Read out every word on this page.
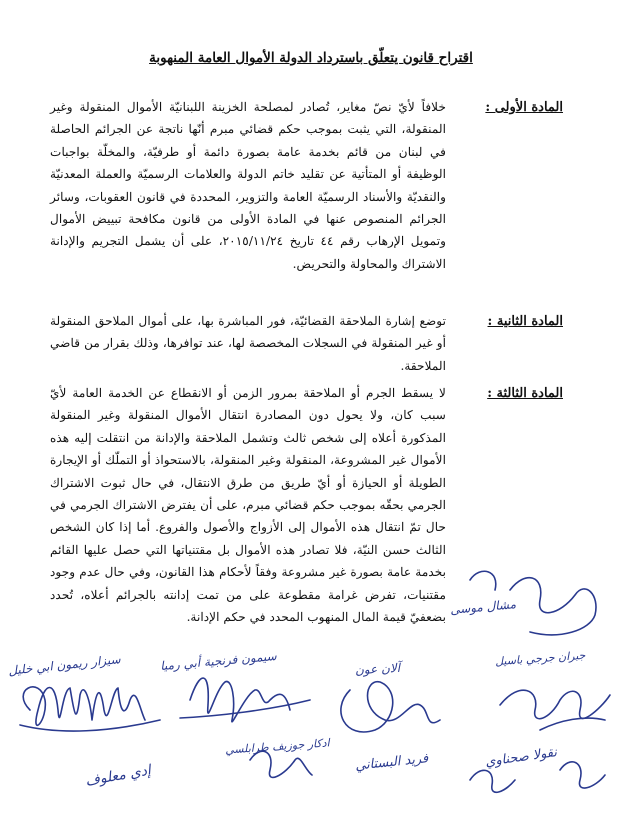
اقتراح قانون يتعلّق باسترداد الدولة الأموال العامة المنهوبة
المادة الأولى :
خلافاً لأيّ نصّ مغاير، تُصادر لمصلحة الخزينة اللبنانيّة الأموال المنقولة وغير المنقولة، التي يثبت بموجب حكم قضائي مبرم أنّها ناتجة عن الجرائم الحاصلة في لبنان من قائم بخدمة عامة بصورة دائمة أو طرفيّة، والمخلّة بواجبات الوظيفة أو المتأتية عن تقليد خاتم الدولة والعلامات الرسميّة والعملة المعدنيّة والنقديّة والأسناد الرسميّة العامة والتزوير، المحددة في قانون العقوبات، وسائر الجرائم المنصوص عنها في المادة الأولى من قانون مكافحة تبييض الأموال وتمويل الإرهاب رقم ٤٤ تاريخ ٢٠١٥/١١/٢٤، على أن يشمل التجريم والإدانة الاشتراك والمحاولة والتحريض.
المادة الثانية :
توضع إشارة الملاحقة القضائيّة، فور المباشرة بها، على أموال الملاحق المنقولة أو غير المنقولة في السجلات المخصصة لها، عند توافرها، وذلك بقرار من قاضي الملاحقة.
المادة الثالثة :
لا يسقط الجرم أو الملاحقة بمرور الزمن أو الانقطاع عن الخدمة العامة لأيّ سبب كان، ولا يحول دون المصادرة انتقال الأموال المنقولة وغير المنقولة المذكورة أعلاه إلى شخص ثالث وتشمل الملاحقة والإدانة من انتقلت إليه هذه الأموال غير المشروعة، المنقولة وغير المنقولة، بالاستحواذ أو التملّك أو الإيجارة الطويلة أو الحيازة أو أيّ طريق من طرق الانتقال، في حال ثبوت الاشتراك الجرمي بحقّه بموجب حكم قضائي مبرم، على أن يفترض الاشتراك الجرمي في حال تمّ انتقال هذه الأموال إلى الأزواج والأصول والفروع. أما إذا كان الشخص الثالث حسن النيّة، فلا تصادر هذه الأموال بل مقتنياتها التي حصل عليها القائم بخدمة عامة بصورة غير مشروعة وفقاً لأحكام هذا القانون، وفي حال عدم وجود مقتنيات، تفرض غرامة مقطوعة على من تمت إدانته بالجرائم أعلاه، تُحدد بضعفيّ قيمة المال المنهوب المحدد في حكم الإدانة.
سيزار ريمون ابي خليل	سيمون فرنجية أبي رميا	آلان عون
جبران جرجي باسيل
نقولا صحناوي
فريد البستاني
ادكار جوزيف طرابلسي
إدي معلوف
مشال موسى
